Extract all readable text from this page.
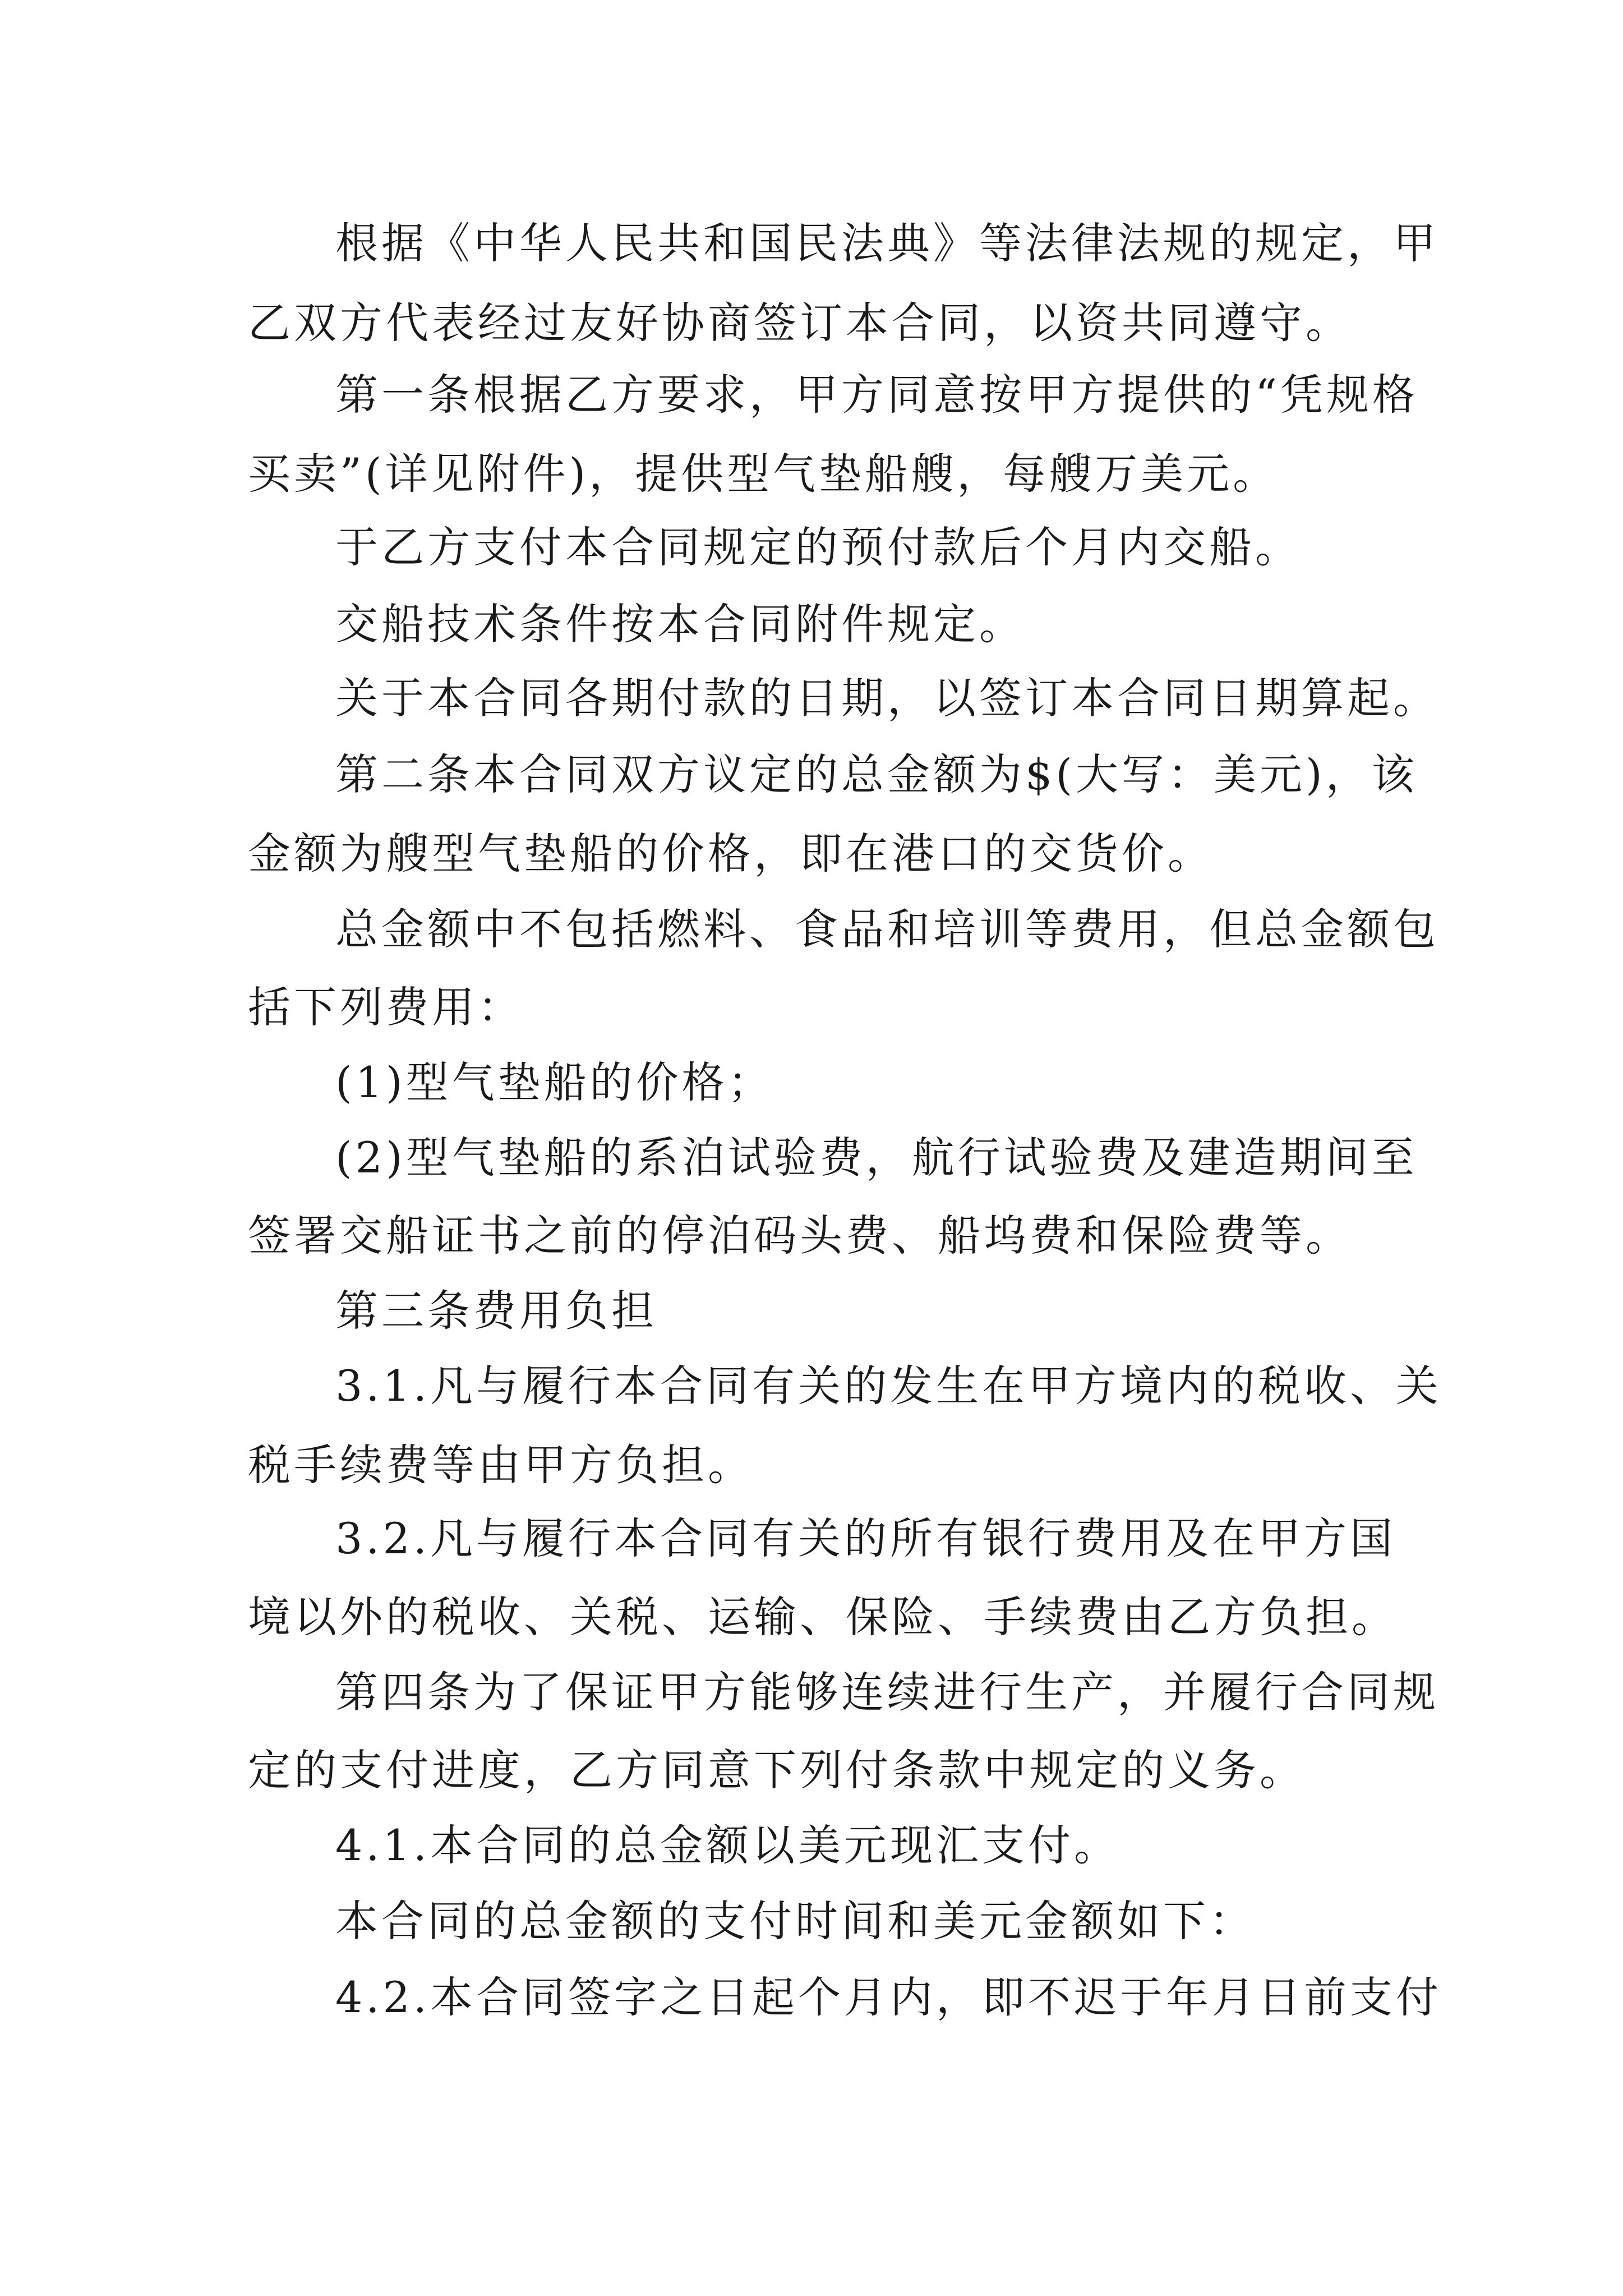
根据《中华人民共和国民法典》等法律法规的规定，甲
乙双方代表经过友好协商签订本合同，以资共同遵守。
第一条根据乙方要求，甲方同意按甲方提供的“凭规格
买卖”(详见附件)，提供型气垫船艘，每艘万美元。
于乙方支付本合同规定的预付款后个月内交船。
交船技术条件按本合同附件规定。
关于本合同各期付款的日期，以签订本合同日期算起。
第二条本合同双方议定的总金额为$(大写：美元)，该
金额为艘型气垫船的价格，即在港口的交货价。
总金额中不包括燃料、食品和培训等费用，但总金额包
括下列费用：
(1)型气垫船的价格；
(2)型气垫船的系泊试验费，航行试验费及建造期间至
签署交船证书之前的停泊码头费、船坞费和保险费等。
第三条费用负担
3.1.凡与履行本合同有关的发生在甲方境内的税收、关
税手续费等由甲方负担。
3.2.凡与履行本合同有关的所有银行费用及在甲方国
境以外的税收、关税、运输、保险、手续费由乙方负担。
第四条为了保证甲方能够连续进行生产，并履行合同规
定的支付进度，乙方同意下列付条款中规定的义务。
4.1.本合同的总金额以美元现汇支付。
本合同的总金额的支付时间和美元金额如下：
4.2.本合同签字之日起个月内，即不迟于年月日前支付
